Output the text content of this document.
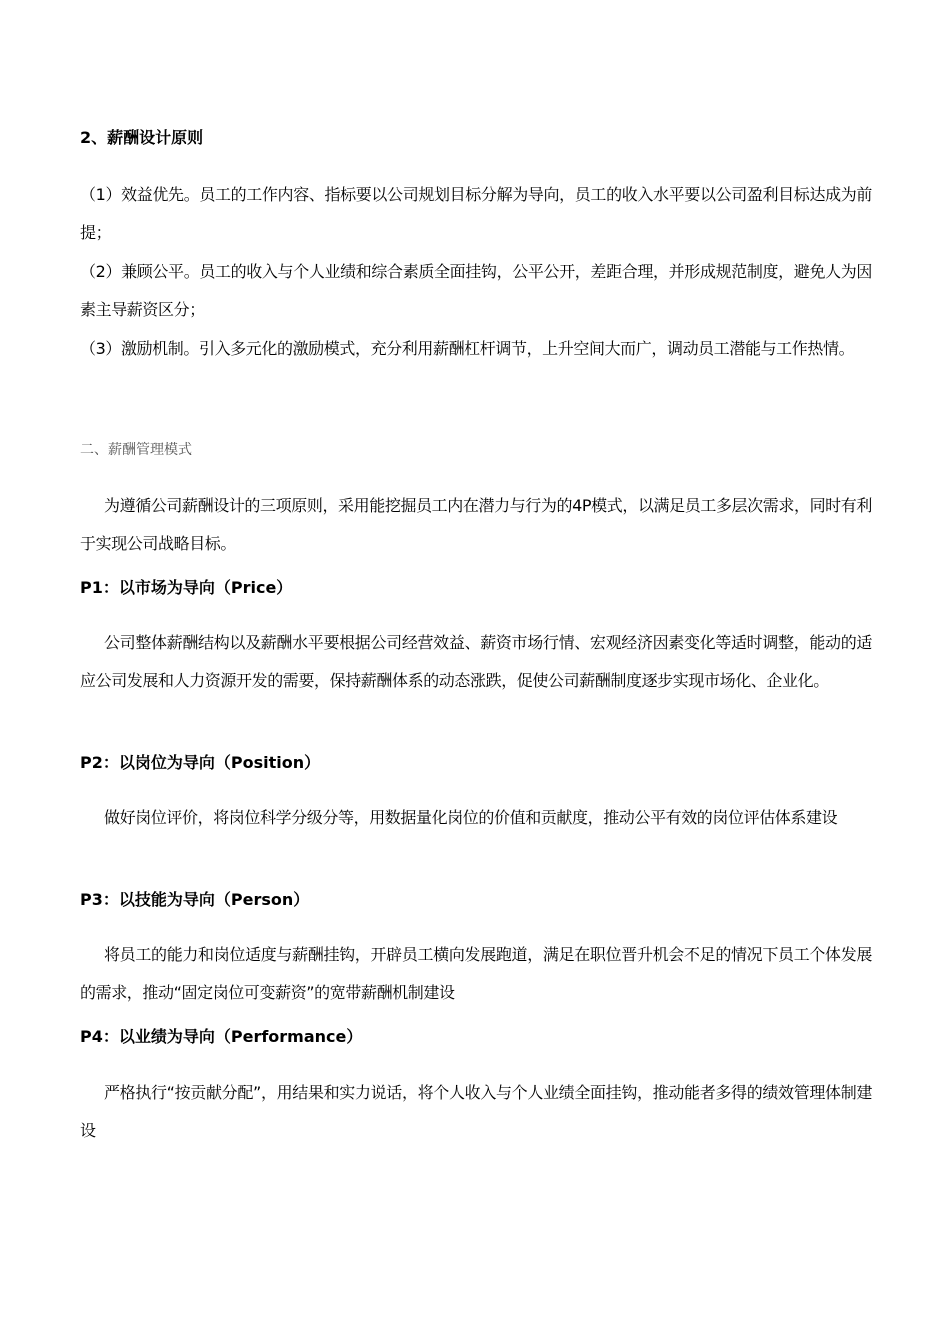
2、薪酬设计原则

（1）效益优先。员工的工作内容、指标要以公司规划目标分解为导向，员工的收入水平要以公司盈利目标达成为前提；

（2）兼顾公平。员工的收入与个人业绩和综合素质全面挂钩，公平公开，差距合理，并形成规范制度，避免人为因素主导薪资区分；

（3）激励机制。引入多元化的激励模式，充分利用薪酬杠杆调节，上升空间大而广，调动员工潜能与工作热情。

二、薪酬管理模式

为遵循公司薪酬设计的三项原则，采用能挖掘员工内在潜力与行为的4P模式，以满足员工多层次需求，同时有利于实现公司战略目标。

P1：以市场为导向（Price）

公司整体薪酬结构以及薪酬水平要根据公司经营效益、薪资市场行情、宏观经济因素变化等适时调整，能动的适应公司发展和人力资源开发的需要，保持薪酬体系的动态涨跌，促使公司薪酬制度逐步实现市场化、企业化。

P2：以岗位为导向（Position）

做好岗位评价，将岗位科学分级分等，用数据量化岗位的价值和贡献度，推动公平有效的岗位评估体系建设

P3：以技能为导向（Person）

将员工的能力和岗位适度与薪酬挂钩，开辟员工横向发展跑道，满足在职位晋升机会不足的情况下员工个体发展的需求，推动“固定岗位可变薪资”的宽带薪酬机制建设

P4：以业绩为导向（Performance）

严格执行“按贡献分配”，用结果和实力说话，将个人收入与个人业绩全面挂钩，推动能者多得的绩效管理体制建设
